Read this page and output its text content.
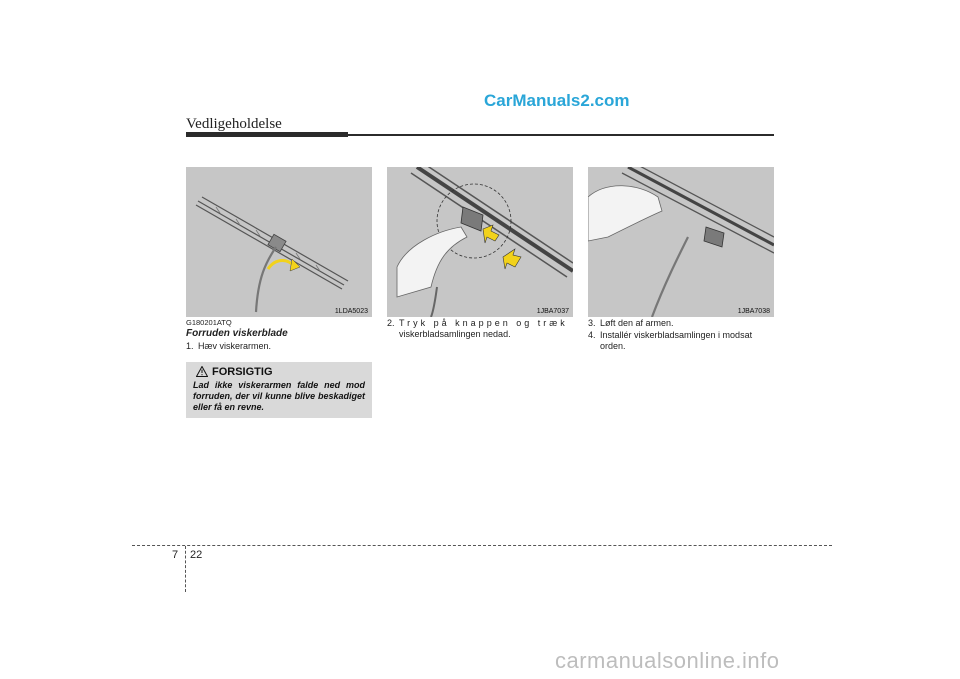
CarManuals2.com
Vedligeholdelse
1LDA5023	1JBA7037	1JBA7038
G180201ATQ
Forruden viskerblade
1. Hæv viskerarmen.
FORSIGTIG
Lad ikke viskerarmen falde ned mod forruden, der vil kunne blive beskadiget eller få en revne.
2. Tryk på knappen og træk
viskerbladsamlingen nedad.
3. Løft den af armen.
4. Installér viskerbladsamlingen i modsat
orden.
7 22
carmanualsonline.info
